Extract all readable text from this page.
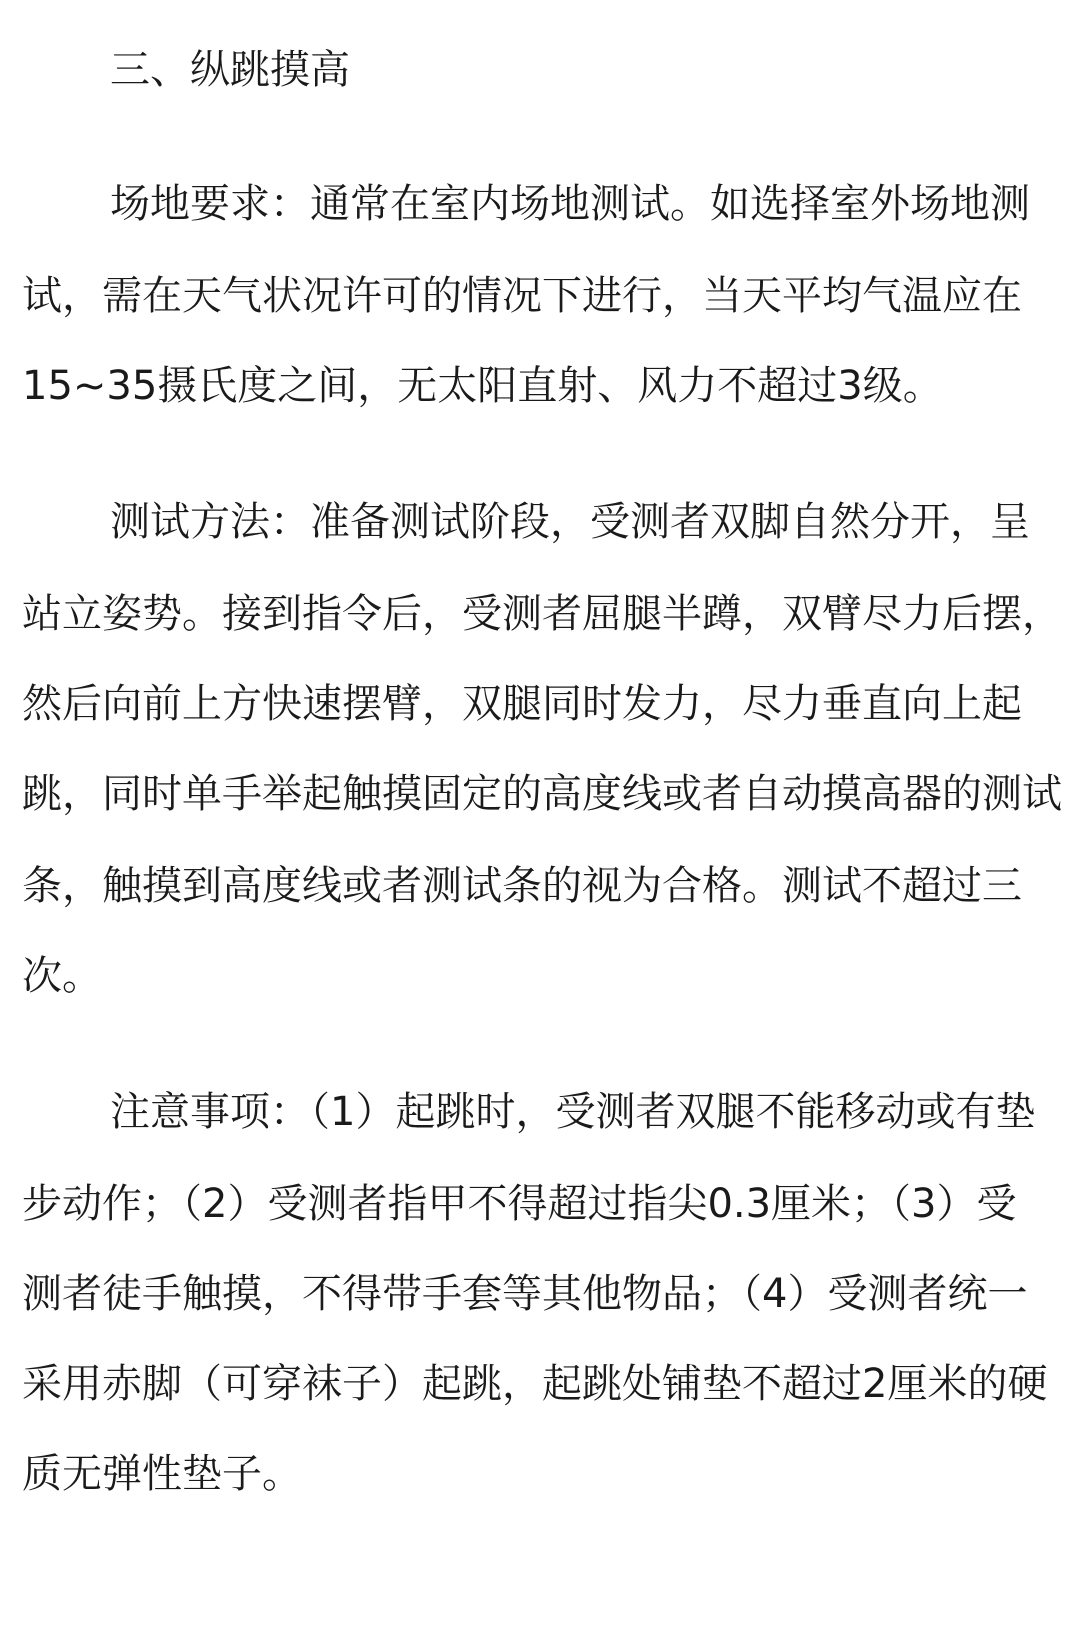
三、纵跳摸高
场地要求：通常在室内场地测试。如选择室外场地测
试，需在天气状况许可的情况下进行，当天平均气温应在
15~35摄氏度之间，无太阳直射、风力不超过3级。
测试方法：准备测试阶段，受测者双脚自然分开，呈
站立姿势。接到指令后，受测者屈腿半蹲，双臂尽力后摆，
然后向前上方快速摆臂，双腿同时发力，尽力垂直向上起
跳，同时单手举起触摸固定的高度线或者自动摸高器的测试
条，触摸到高度线或者测试条的视为合格。测试不超过三
次。
注意事项：（1）起跳时，受测者双腿不能移动或有垫
步动作；（2）受测者指甲不得超过指尖0.3厘米；（3）受
测者徒手触摸，不得带手套等其他物品；（4）受测者统一
采用赤脚（可穿袜子）起跳，起跳处铺垫不超过2厘米的硬
质无弹性垫子。
